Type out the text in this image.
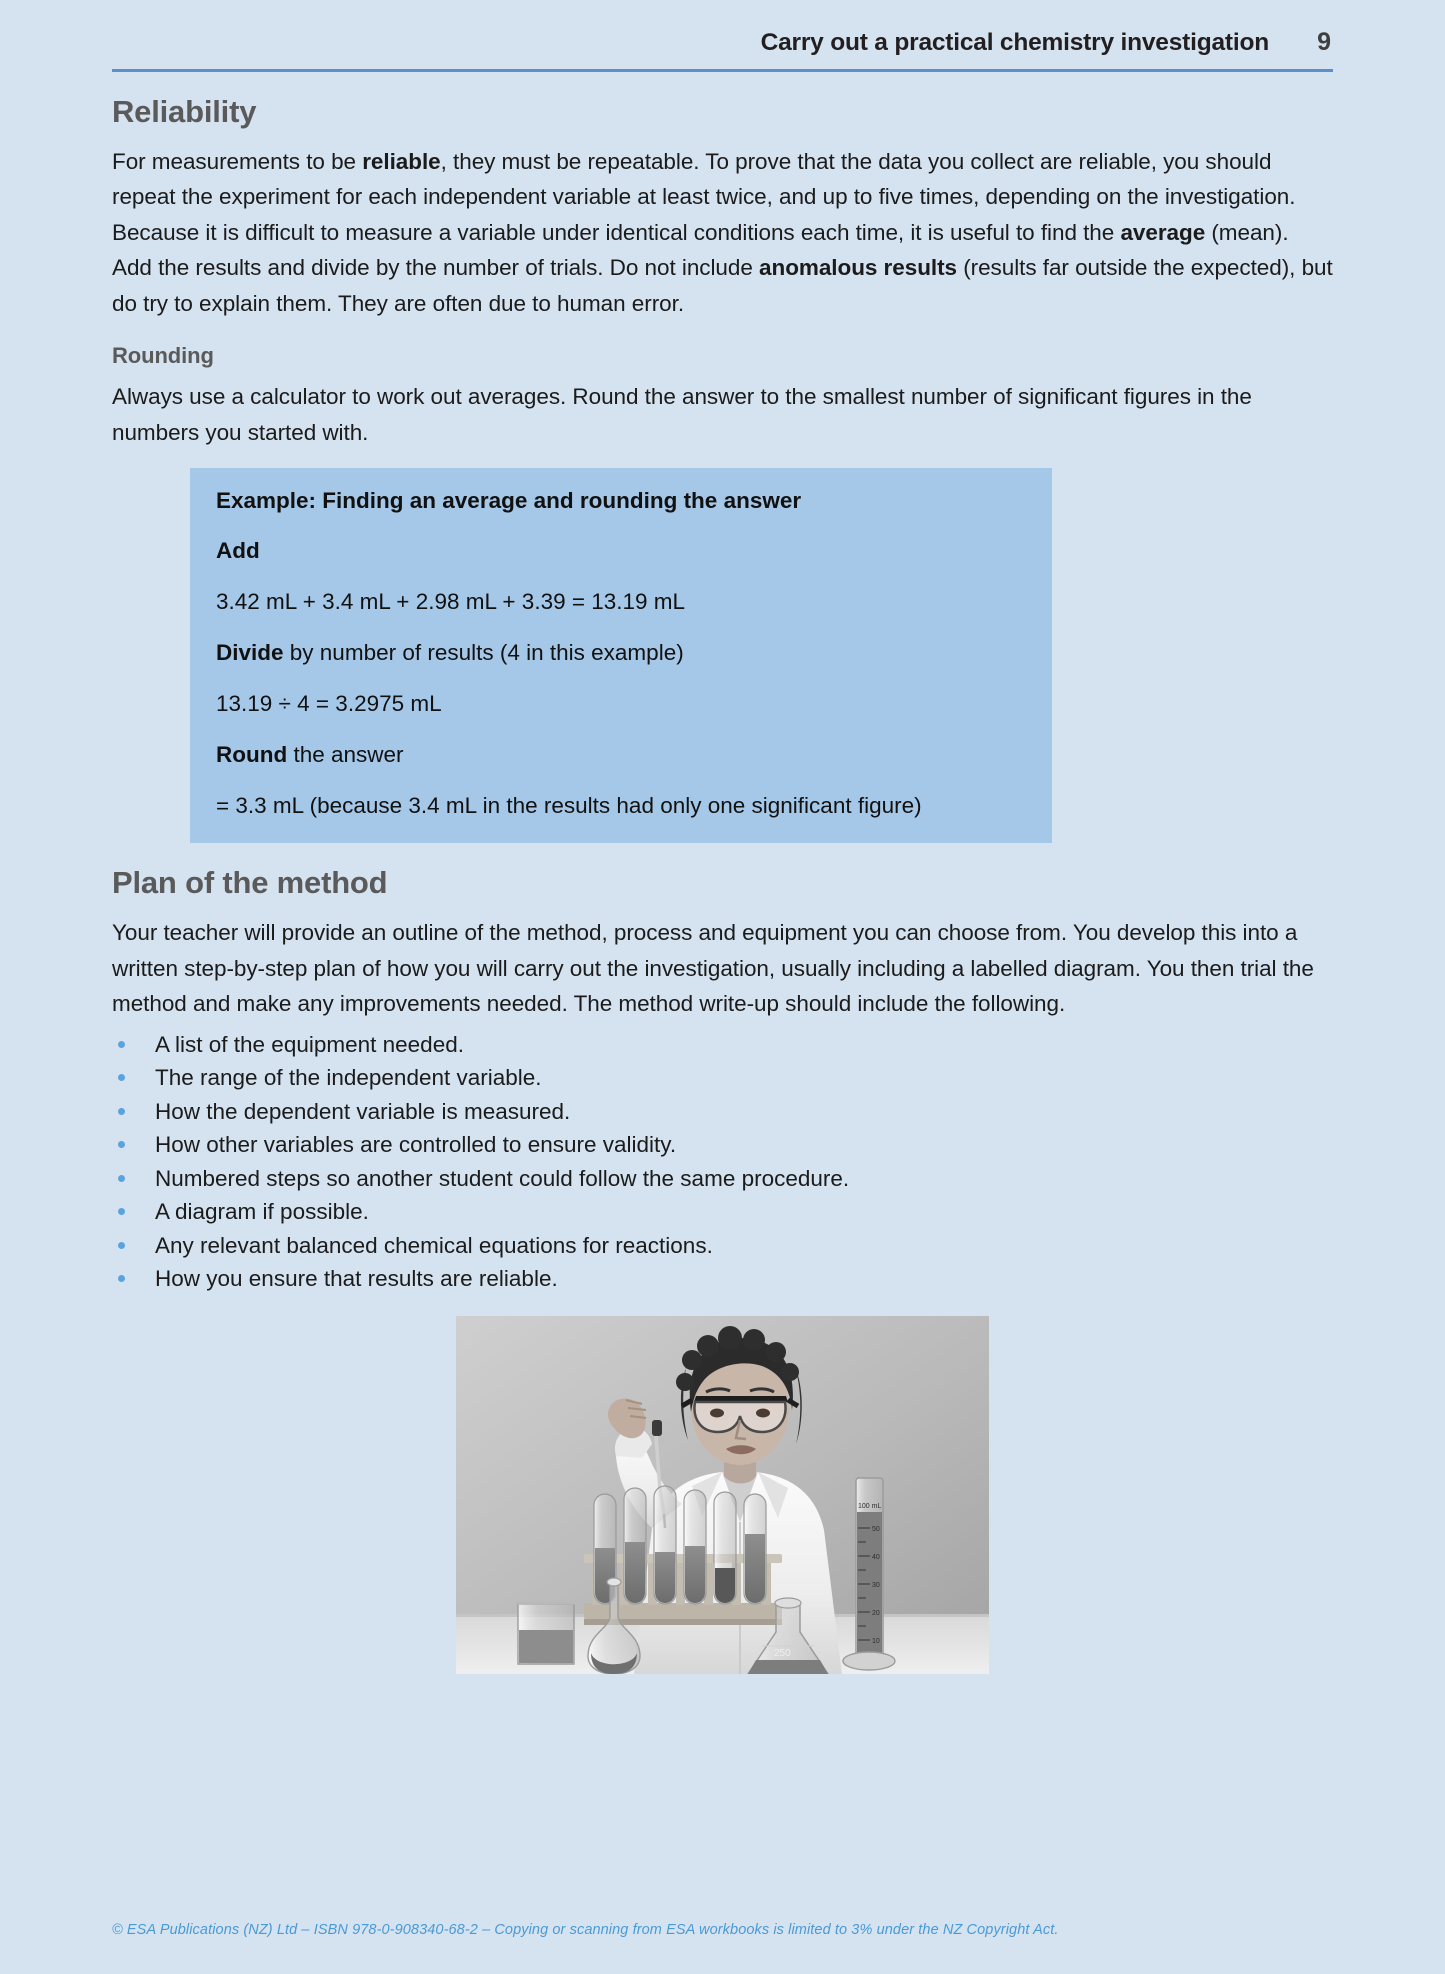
Carry out a practical chemistry investigation 9
Reliability

For measurements to be reliable, they must be repeatable. To prove that the data you collect are reliable, you should repeat the experiment for each independent variable at least twice, and up to five times, depending on the investigation. Because it is difficult to measure a variable under identical conditions each time, it is useful to find the average (mean). Add the results and divide by the number of trials. Do not include anomalous results (results far outside the expected), but do try to explain them. They are often due to human error.

Rounding

Always use a calculator to work out averages. Round the answer to the smallest number of significant figures in the numbers you started with.

Example: Finding an average and rounding the answer
Add
3.42 mL + 3.4 mL + 2.98 mL + 3.39 = 13.19 mL
Divide by number of results (4 in this example)
13.19 ÷ 4 = 3.2975 mL
Round the answer
= 3.3 mL (because 3.4 mL in the results had only one significant figure)
Plan of the method

Your teacher will provide an outline of the method, process and equipment you can choose from. You develop this into a written step-by-step plan of how you will carry out the investigation, usually including a labelled diagram. You then trial the method and make any improvements needed. The method write-up should include the following.

A list of the equipment needed.
The range of the independent variable.
How the dependent variable is measured.
How other variables are controlled to ensure validity.
Numbered steps so another student could follow the same procedure.
A diagram if possible.
Any relevant balanced chemical equations for reactions.
How you ensure that results are reliable.
250
50
40
30
20
10
100 mL
© ESA Publications (NZ) Ltd – ISBN 978-0-908340-68-2 – Copying or scanning from ESA workbooks is limited to 3% under the NZ Copyright Act.
